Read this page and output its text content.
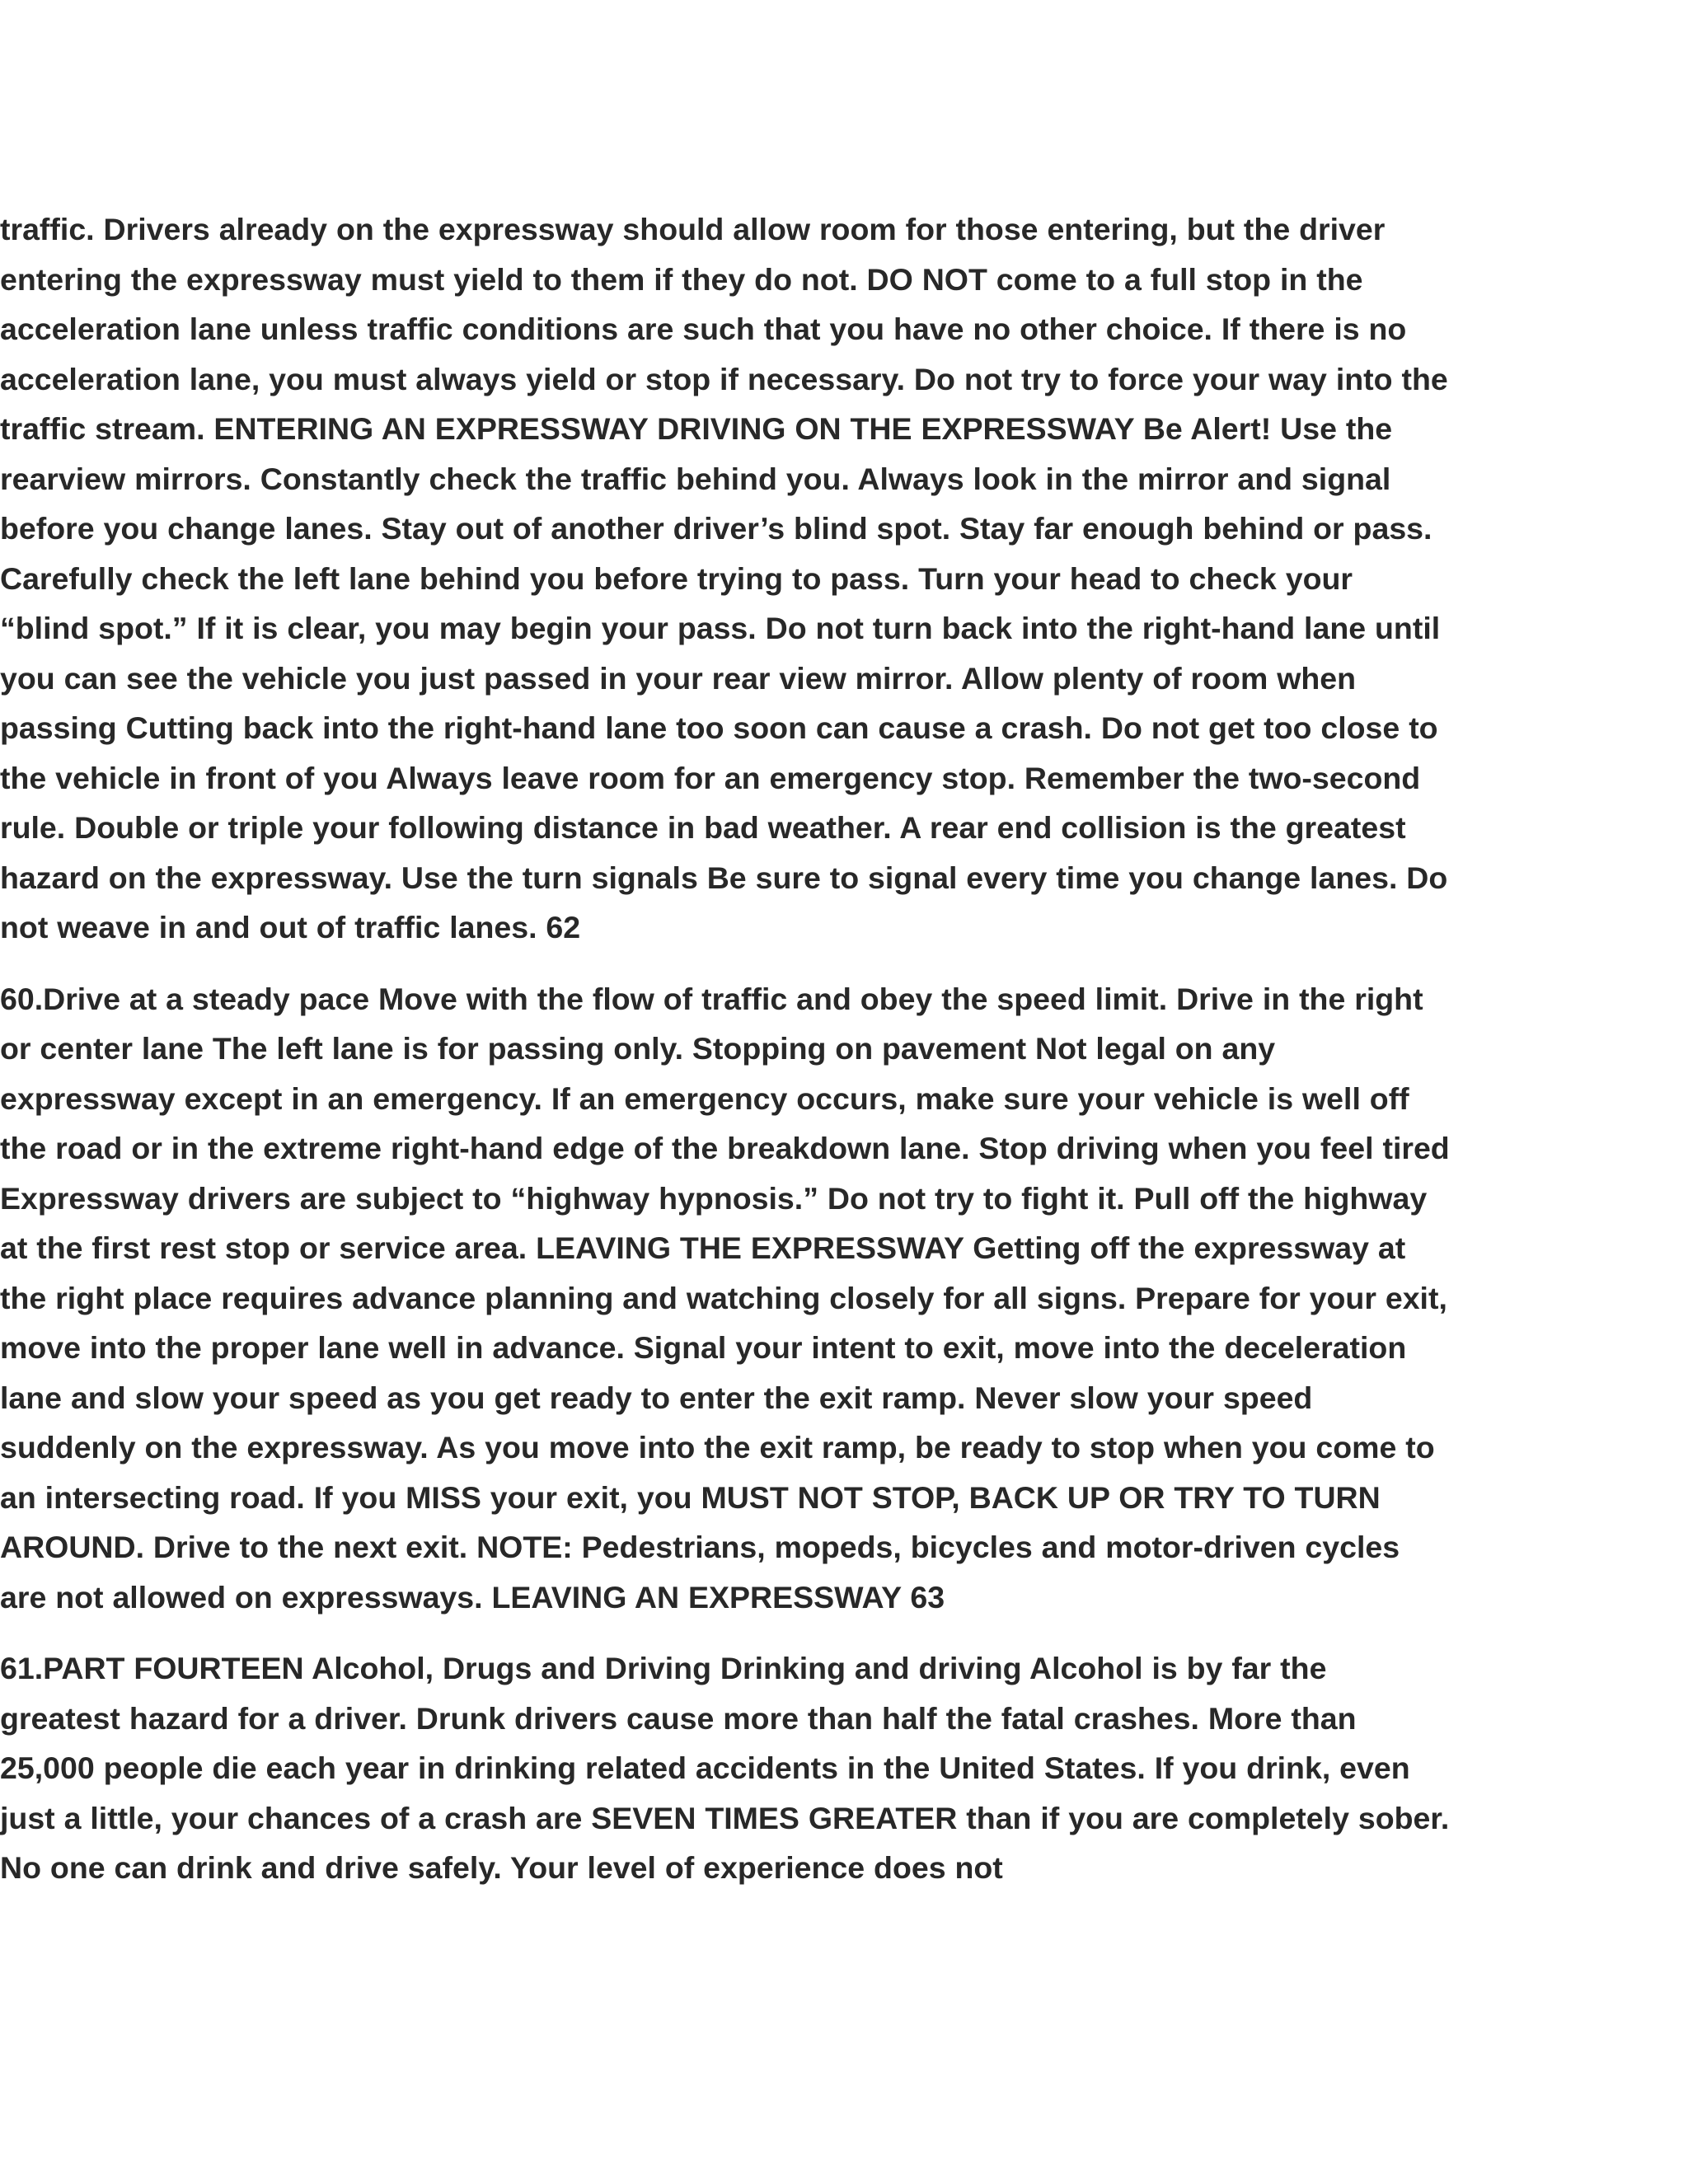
traffic. Drivers already on the expressway should allow room for those entering, but the driver entering the expressway must yield to them if they do not. DO NOT come to a full stop in the acceleration lane unless traffic conditions are such that you have no other choice. If there is no acceleration lane, you must always yield or stop if necessary. Do not try to force your way into the traffic stream. ENTERING AN EXPRESSWAY DRIVING ON THE EXPRESSWAY Be Alert! Use the rearview mirrors. Constantly check the traffic behind you. Always look in the mirror and signal before you change lanes. Stay out of another driver’s blind spot. Stay far enough behind or pass. Carefully check the left lane behind you before trying to pass. Turn your head to check your “blind spot.” If it is clear, you may begin your pass. Do not turn back into the right-hand lane until you can see the vehicle you just passed in your rear view mirror. Allow plenty of room when passing Cutting back into the right-hand lane too soon can cause a crash. Do not get too close to the vehicle in front of you Always leave room for an emergency stop. Remember the two-second rule. Double or triple your following distance in bad weather. A rear end collision is the greatest hazard on the expressway. Use the turn signals Be sure to signal every time you change lanes. Do not weave in and out of traffic lanes. 62

60.Drive at a steady pace Move with the flow of traffic and obey the speed limit. Drive in the right or center lane The left lane is for passing only. Stopping on pavement Not legal on any expressway except in an emergency. If an emergency occurs, make sure your vehicle is well off the road or in the extreme right-hand edge of the breakdown lane. Stop driving when you feel tired Expressway drivers are subject to “highway hypnosis.” Do not try to fight it. Pull off the highway at the first rest stop or service area. LEAVING THE EXPRESSWAY Getting off the expressway at the right place requires advance planning and watching closely for all signs. Prepare for your exit, move into the proper lane well in advance. Signal your intent to exit, move into the deceleration lane and slow your speed as you get ready to enter the exit ramp. Never slow your speed suddenly on the expressway. As you move into the exit ramp, be ready to stop when you come to an intersecting road. If you MISS your exit, you MUST NOT STOP, BACK UP OR TRY TO TURN AROUND. Drive to the next exit. NOTE: Pedestrians, mopeds, bicycles and motor-driven cycles are not allowed on expressways. LEAVING AN EXPRESSWAY 63

61.PART FOURTEEN Alcohol, Drugs and Driving Drinking and driving Alcohol is by far the greatest hazard for a driver. Drunk drivers cause more than half the fatal crashes. More than 25,000 people die each year in drinking related accidents in the United States. If you drink, even just a little, your chances of a crash are SEVEN TIMES GREATER than if you are completely sober. No one can drink and drive safely. Your level of experience does not
